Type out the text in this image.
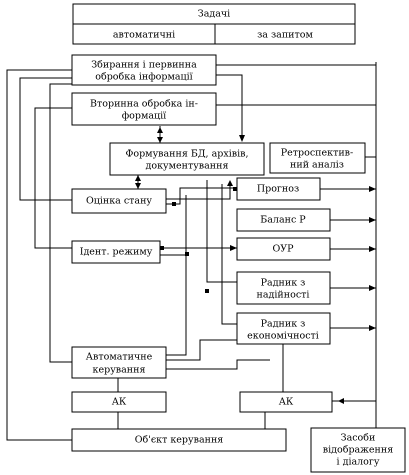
Задачі
автоматичні	за запитом
Збирання і первинна
обробка інформації
Вторинна обробка ін-
формації
Формування БД, архівів,
документування
Ретроспектив-
ний аналіз
Оцінка стану
Прогноз
Баланс Р
Ідент. режиму	ОУР
Радник з
надійності
Радник з
економічності
Автоматичне
керування
АК	АК
Об'єкт керування	Засоби
відображення
і діалогу
